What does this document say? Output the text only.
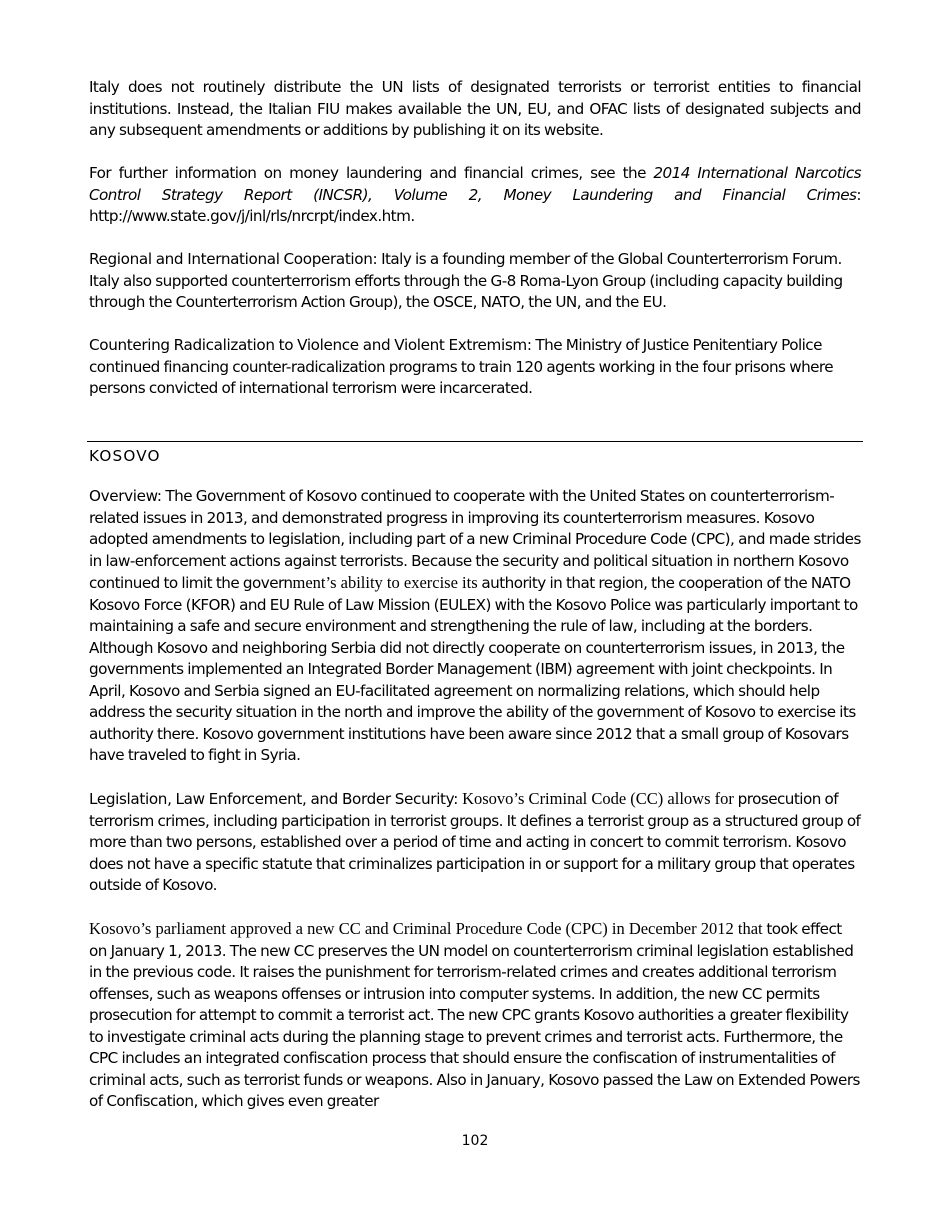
Italy does not routinely distribute the UN lists of designated terrorists or terrorist entities to financial institutions. Instead, the Italian FIU makes available the UN, EU, and OFAC lists of designated subjects and any subsequent amendments or additions by publishing it on its website.

For further information on money laundering and financial crimes, see the 2014 International Narcotics Control Strategy Report (INCSR), Volume 2, Money Laundering and Financial Crimes: http://www.state.gov/j/inl/rls/nrcrpt/index.htm.

Regional and International Cooperation: Italy is a founding member of the Global Counterterrorism Forum. Italy also supported counterterrorism efforts through the G-8 Roma-Lyon Group (including capacity building through the Counterterrorism Action Group), the OSCE, NATO, the UN, and the EU.

Countering Radicalization to Violence and Violent Extremism: The Ministry of Justice Penitentiary Police continued financing counter-radicalization programs to train 120 agents working in the four prisons where persons convicted of international terrorism were incarcerated.

KOSOVO

Overview: The Government of Kosovo continued to cooperate with the United States on counterterrorism-related issues in 2013, and demonstrated progress in improving its counterterrorism measures. Kosovo adopted amendments to legislation, including part of a new Criminal Procedure Code (CPC), and made strides in law-enforcement actions against terrorists. Because the security and political situation in northern Kosovo continued to limit the government’s ability to exercise its authority in that region, the cooperation of the NATO Kosovo Force (KFOR) and EU Rule of Law Mission (EULEX) with the Kosovo Police was particularly important to maintaining a safe and secure environment and strengthening the rule of law, including at the borders. Although Kosovo and neighboring Serbia did not directly cooperate on counterterrorism issues, in 2013, the governments implemented an Integrated Border Management (IBM) agreement with joint checkpoints. In April, Kosovo and Serbia signed an EU-facilitated agreement on normalizing relations, which should help address the security situation in the north and improve the ability of the government of Kosovo to exercise its authority there. Kosovo government institutions have been aware since 2012 that a small group of Kosovars have traveled to fight in Syria.

Legislation, Law Enforcement, and Border Security: Kosovo’s Criminal Code (CC) allows for prosecution of terrorism crimes, including participation in terrorist groups. It defines a terrorist group as a structured group of more than two persons, established over a period of time and acting in concert to commit terrorism. Kosovo does not have a specific statute that criminalizes participation in or support for a military group that operates outside of Kosovo.

Kosovo’s parliament approved a new CC and Criminal Procedure Code (CPC) in December 2012 that took effect on January 1, 2013. The new CC preserves the UN model on counterterrorism criminal legislation established in the previous code. It raises the punishment for terrorism-related crimes and creates additional terrorism offenses, such as weapons offenses or intrusion into computer systems. In addition, the new CC permits prosecution for attempt to commit a terrorist act. The new CPC grants Kosovo authorities a greater flexibility to investigate criminal acts during the planning stage to prevent crimes and terrorist acts. Furthermore, the CPC includes an integrated confiscation process that should ensure the confiscation of instrumentalities of criminal acts, such as terrorist funds or weapons. Also in January, Kosovo passed the Law on Extended Powers of Confiscation, which gives even greater

102
